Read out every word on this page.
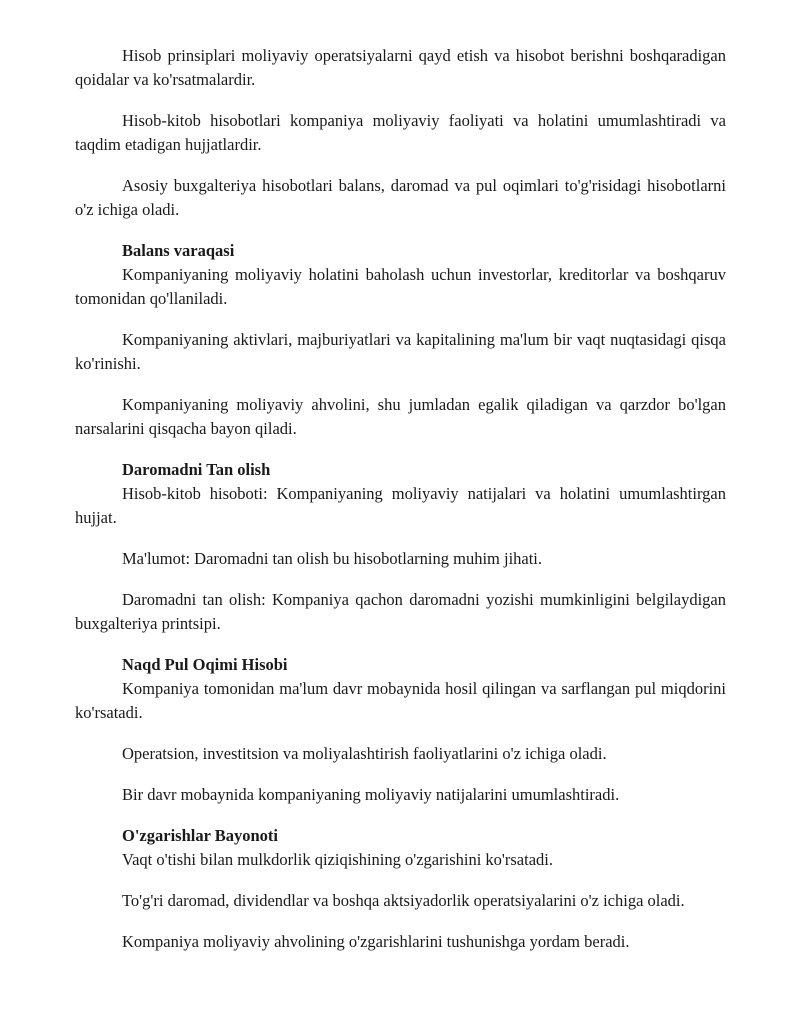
Hisob prinsiplari moliyaviy operatsiyalarni qayd etish va hisobot berishni boshqaradigan qoidalar va ko'rsatmalardir.

Hisob-kitob hisobotlari kompaniya moliyaviy faoliyati va holatini umumlashtiradi va taqdim etadigan hujjatlardir.

Asosiy buxgalteriya hisobotlari balans, daromad va pul oqimlari to'g'risidagi hisobotlarni o'z ichiga oladi.

Balans varaqasi

Kompaniyaning moliyaviy holatini baholash uchun investorlar, kreditorlar va boshqaruv tomonidan qo'llaniladi.

Kompaniyaning aktivlari, majburiyatlari va kapitalining ma'lum bir vaqt nuqtasidagi qisqa ko'rinishi.

Kompaniyaning moliyaviy ahvolini, shu jumladan egalik qiladigan va qarzdor bo'lgan narsalarini qisqacha bayon qiladi.

Daromadni Tan olish

Hisob-kitob hisoboti: Kompaniyaning moliyaviy natijalari va holatini umumlashtirgan hujjat.

Ma'lumot: Daromadni tan olish bu hisobotlarning muhim jihati.

Daromadni tan olish: Kompaniya qachon daromadni yozishi mumkinligini belgilaydigan buxgalteriya printsipi.

Naqd Pul Oqimi Hisobi

Kompaniya tomonidan ma'lum davr mobaynida hosil qilingan va sarflangan pul miqdorini ko'rsatadi.

Operatsion, investitsion va moliyalashtirish faoliyatlarini o'z ichiga oladi.

Bir davr mobaynida kompaniyaning moliyaviy natijalarini umumlashtiradi.

O'zgarishlar Bayonoti

Vaqt o'tishi bilan mulkdorlik qiziqishining o'zgarishini ko'rsatadi.

To'g'ri daromad, dividendlar va boshqa aktsiyadorlik operatsiyalarini o'z ichiga oladi.

Kompaniya moliyaviy ahvolining o'zgarishlarini tushunishga yordam beradi.
